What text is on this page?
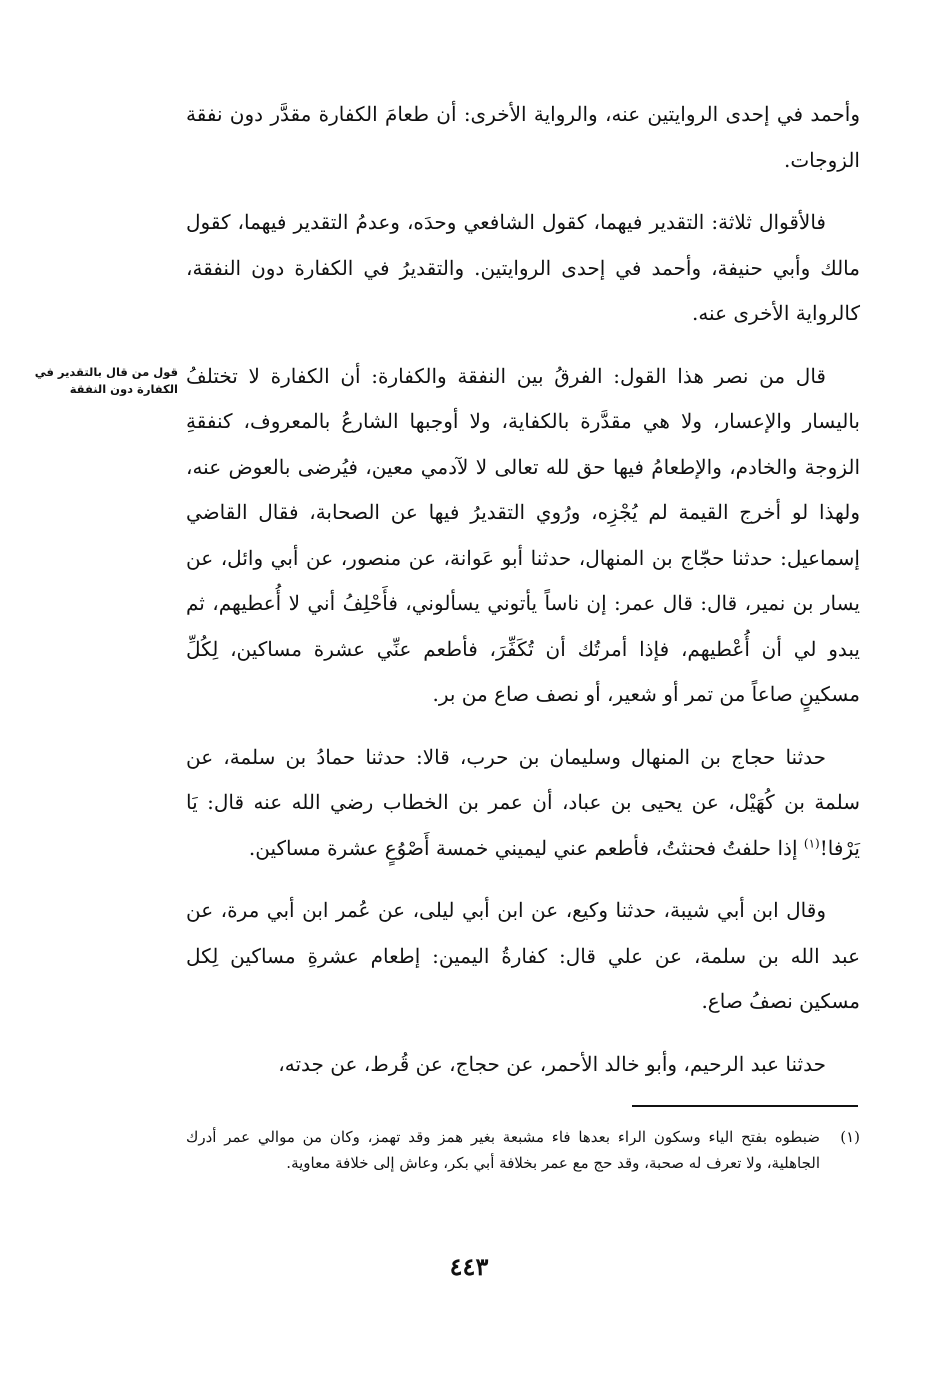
وأحمد في إحدى الروايتين عنه، والرواية الأخرى: أن طعامَ الكفارة مقدَّر دون نفقة الزوجات.

فالأقوال ثلاثة: التقدير فيهما، كقول الشافعي وحدَه، وعدمُ التقدير فيهما، كقول مالك وأبي حنيفة، وأحمد في إحدى الروايتين. والتقديرُ في الكفارة دون النفقة، كالرواية الأخرى عنه.

قال من نصر هذا القول: الفرقُ بين النفقة والكفارة: أن الكفارة لا تختلفُ باليسار والإعسار، ولا هي مقدَّرة بالكفاية، ولا أوجبها الشارعُ بالمعروف، كنفقةِ الزوجة والخادم، والإطعامُ فيها حق لله تعالى لا لآدمي معين، فيُرضى بالعوض عنه، ولهذا لو أخرج القيمة لم يُجْزِه، ورُوي التقديرُ فيها عن الصحابة، فقال القاضي إسماعيل: حدثنا حجّاج بن المنهال، حدثنا أبو عَوانة، عن منصور، عن أبي وائل، عن يسار بن نمير، قال: قال عمر: إن ناساً يأتوني يسألوني، فأَحْلِفُ أني لا أُعطيهم، ثم يبدو لي أن أُعْطيهم، فإذا أمرتُك أن تُكَفِّرَ، فأطعم عنِّي عشرة مساكين، لِكُلِّ مسكينٍ صاعاً من تمر أو شعير، أو نصف صاع من بر.

حدثنا حجاج بن المنهال وسليمان بن حرب، قالا: حدثنا حمادُ بن سلمة، عن سلمة بن كُهَيْل، عن يحيى بن عباد، أن عمر بن الخطاب رضي الله عنه قال: يَا يَرْفا!$^{(١)}$ إذا حلفتُ فحنثتُ، فأطعم عني ليميني خمسة أَصْوُعٍ عشرة مساكين.

وقال ابن أبي شيبة، حدثنا وكيع، عن ابن أبي ليلى، عن عُمر ابن أبي مرة، عن عبد الله بن سلمة، عن علي قال: كفارةُ اليمين: إطعام عشرةِ مساكين لِكل مسكين نصفُ صاع.

حدثنا عبد الرحيم، وأبو خالد الأحمر، عن حجاج، عن قُرط، عن جدته،

قول من قال بالتقدير في الكفارة دون النفقة
(١)
ضبطوه بفتح الياء وسكون الراء بعدها فاء مشبعة بغير همز وقد تهمز، وكان من موالي عمر أدرك الجاهلية، ولا تعرف له صحبة، وقد حج مع عمر بخلافة أبي بكر، وعاش إلى خلافة معاوية.
٤٤٣
